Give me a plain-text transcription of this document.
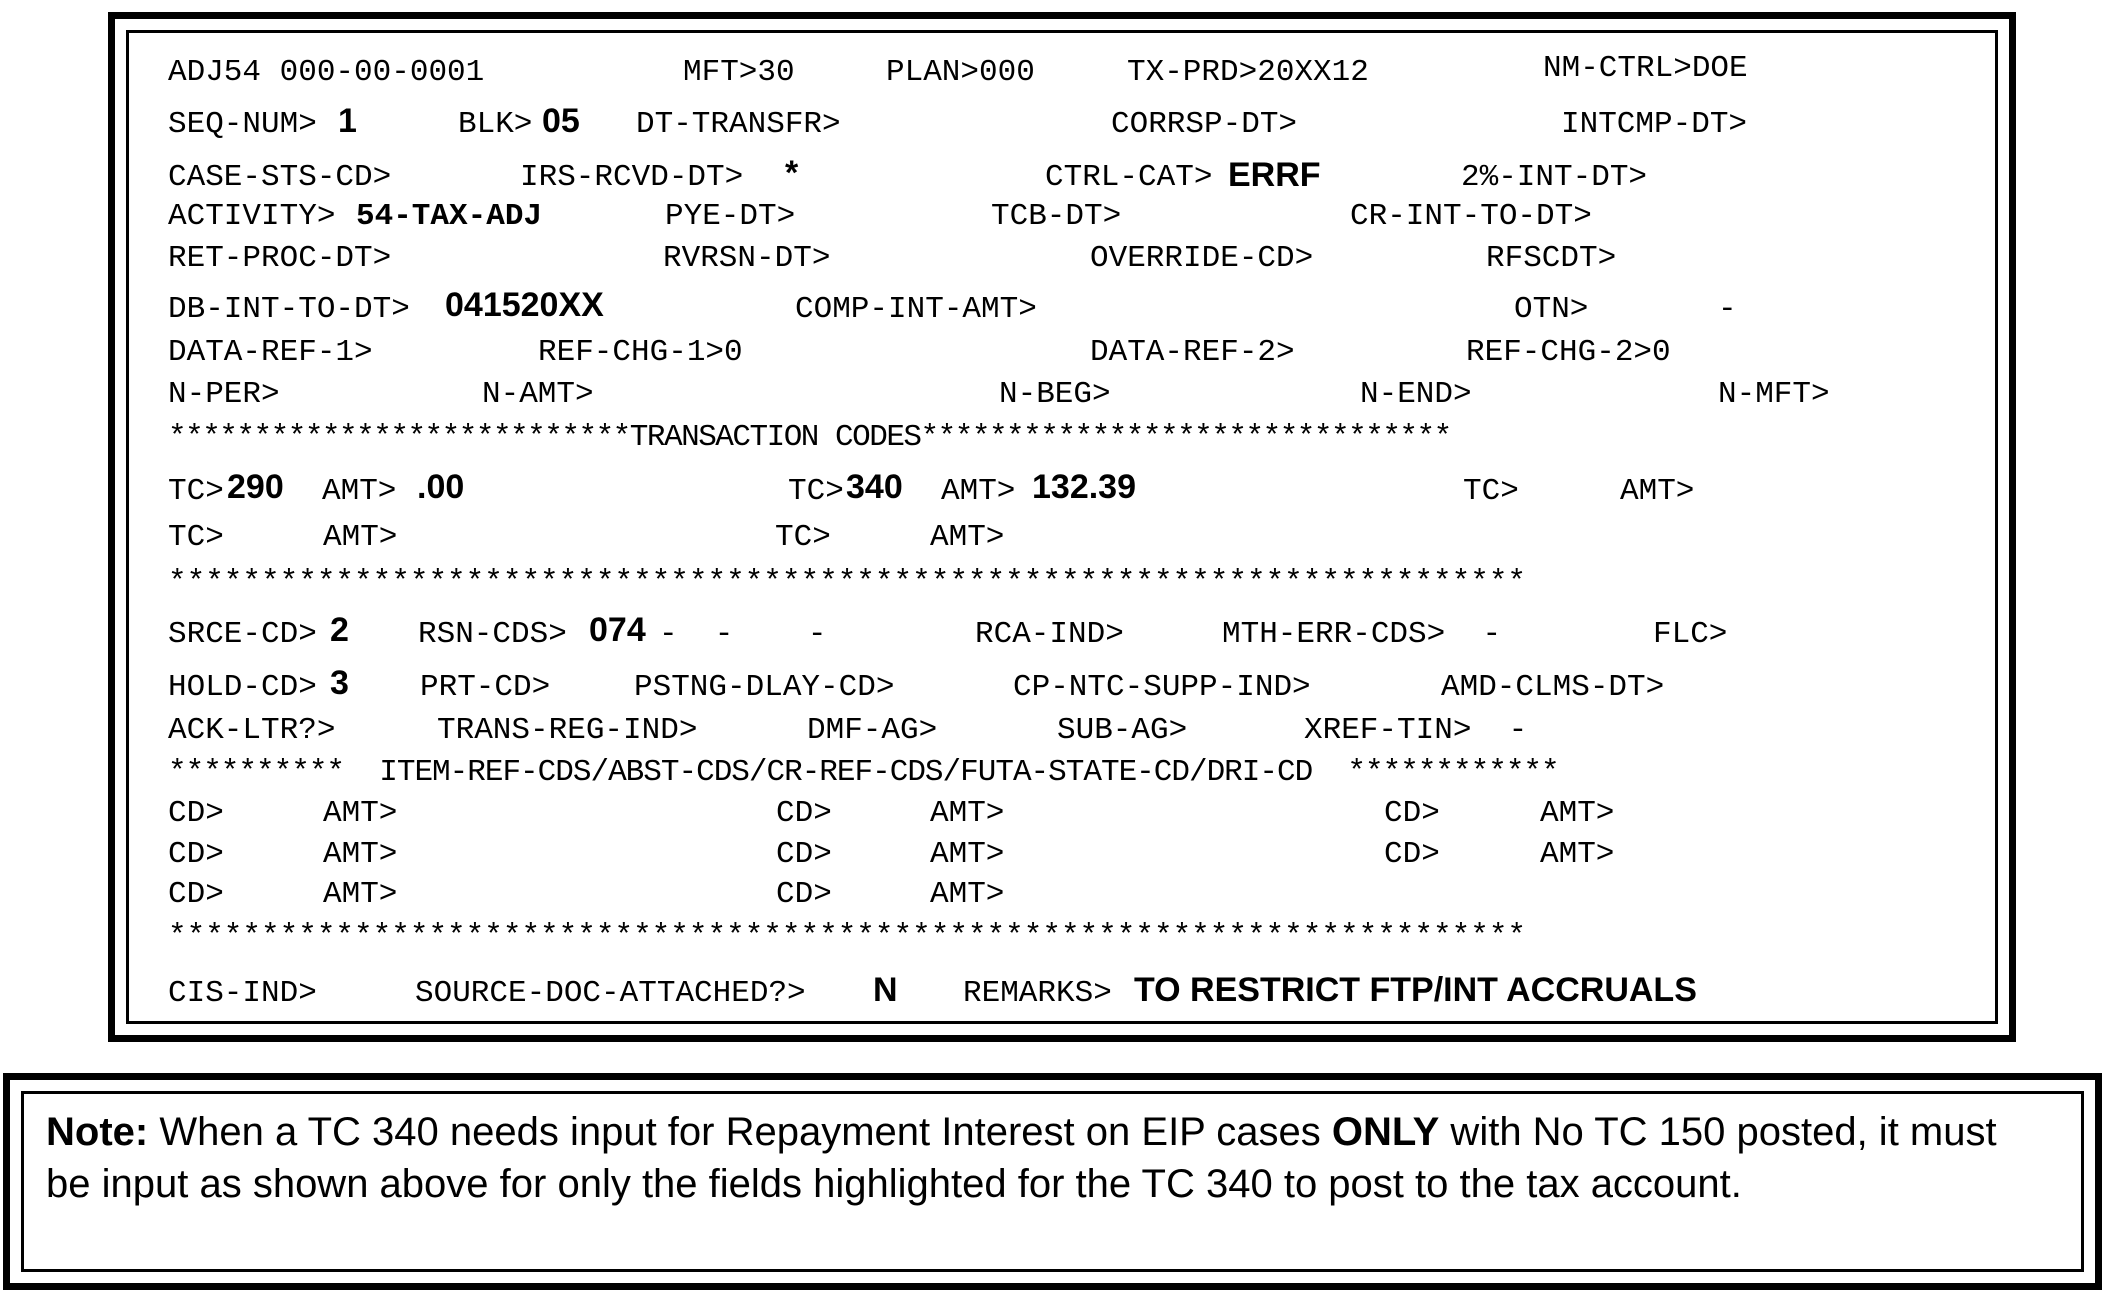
ADJ54 000-00-0001	MFT>30	PLAN>000	TX-PRD>20XX12	NM-CTRL>DOE
SEQ-NUM> 1	BLK> 05 DT-TRANSFR>	CORRSP-DT>	INTCMP-DT>
CASE-STS-CD>	IRS-RCVD-DT> *	CTRL-CAT> ERRF	2%-INT-DT>
ACTIVITY> 54-TAX-ADJ	PYE-DT>	TCB-DT>	CR-INT-TO-DT>
RET-PROC-DT>	RVRSN-DT>	OVERRIDE-CD>	RFSCDT>
DB-INT-TO-DT> 041520XX	COMP-INT-AMT>	OTN>	-
DATA-REF-1>	REF-CHG-1>0	DATA-REF-2>	REF-CHG-2>0
N-PER>	N-AMT>	N-BEG>	N-END>	N-MFT>
***************************TRANSACTION CODES*******************************
TC> 290 AMT> .00	TC> 340 AMT> 132.39	TC>	AMT>
TC>	AMT>	TC>	AMT>
*************************************************************************
SRCE-CD> 2 RSN-CDS> 074 -  -    -	RCA-IND>	MTH-ERR-CDS>  -	FLC>
HOLD-CD> 3 PRT-CD>	PSTNG-DLAY-CD>	CP-NTC-SUPP-IND>	AMD-CLMS-DT>
ACK-LTR?>	TRANS-REG-IND>	DMF-AG>	SUB-AG>	XREF-TIN>  -
**********  ITEM-REF-CDS/ABST-CDS/CR-REF-CDS/FUTA-STATE-CD/DRI-CD  ************
CD>	AMT>	CD>	AMT>	CD>	AMT>
CD>	AMT>	CD>	AMT>	CD>	AMT>
CD>	AMT>	CD>	AMT>
*************************************************************************
CIS-IND>	SOURCE-DOC-ATTACHED?> N REMARKS> TO RESTRICT FTP/INT ACCRUALS
Note: When a TC 340 needs input for Repayment Interest on EIP cases ONLY with No TC 150 posted, it must be input as shown above for only the fields highlighted for the TC 340 to post to the tax account.
